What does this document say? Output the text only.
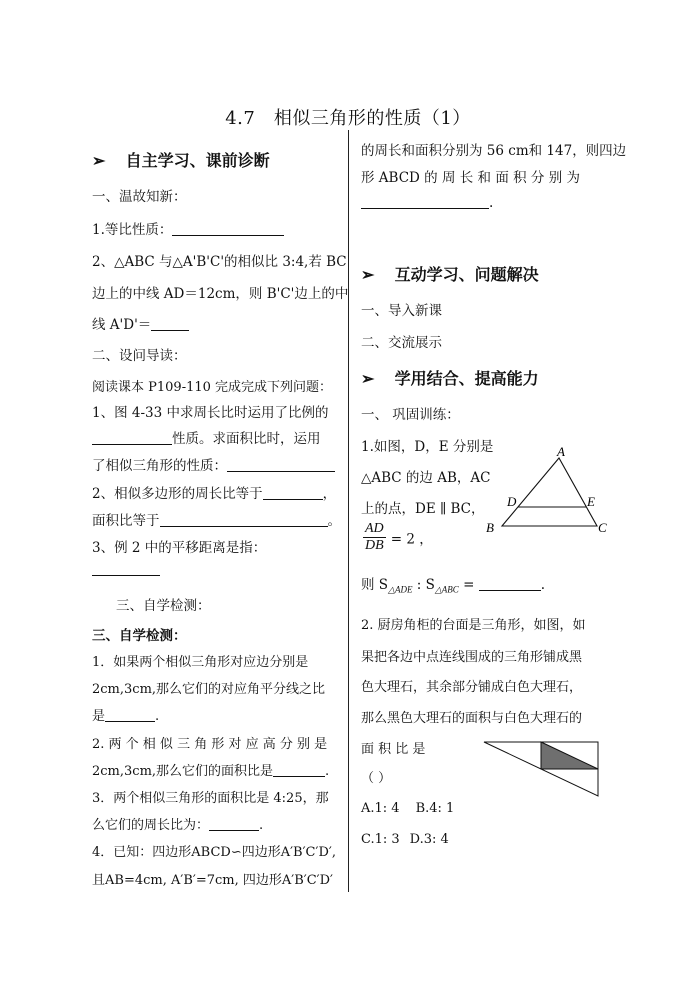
4.7　相似三角形的性质（1）
➢ 自主学习、课前诊断
一、温故知新：
1.等比性质：
2、△ABC 与△A'B'C'的相似比 3:4,若 BC
边上的中线 AD＝12cm，则 B'C'边上的中
线 A'D'＝
二、设问导读：
阅读课本 P109-110 完成完成下列问题：
1、图 4-33 中求周长比时运用了比例的
性质。求面积比时，运用
了相似三角形的性质：
2、相似多边形的周长比等于	，
面积比等于	。
3、例 2 中的平移距离是指：
三、自学检测：
三、自学检测：
1．如果两个相似三角形对应边分别是
2cm,3cm,那么它们的对应角平分线之比
是	.
2. 两 个 相 似 三 角 形 对 应 高 分 别 是
2cm,3cm,那么它们的面积比是	.
3．两个相似三角形的面积比是 4:25，那
么它们的周长比为：	.
4．已知：四边形ABCD∽四边形A′B′C′D′,
且AB=4cm, A′B′=7cm, 四边形A′B′C′D′
的周长和面积分别为 56 cm和 147，则四边
形 ABCD 的 周 长 和 面 积 分 别 为
.
➢ 互动学习、问题解决
一、导入新课
二、交流展示
➢ 学用结合、提高能力
一、 巩固训练：
1.如图，D，E 分别是
△ABC 的边 AB，AC
上的点，DE ∥ BC，
$\frac{AD}{DB} = 2$ ，
则 $S_{\triangle ADE}$ : $S_{\triangle ABC}$ =	.
A
B	C
D	E
2. 厨房角柜的台面是三角形，如图，如
果把各边中点连线围成的三角形铺成黑
色大理石，其余部分铺成白色大理石，
那么黑色大理石的面积与白色大理石的
面 积 比 是
（ ）
A.1: 4 B.4: 1
C.1: 3 D.3: 4
